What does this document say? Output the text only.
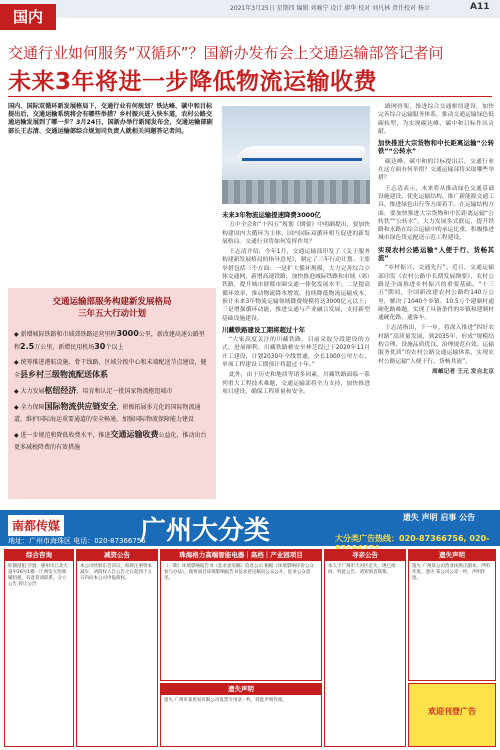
国内	2021年3月25日 星期四 编辑 刘喻宁 设计 廖华 校对 刘凡林 责任校对 杨立	A11
交通行业如何服务“双循环”？国新办发布会上交通运输部答记者问
未来3年将进一步降低物流运输收费
国内、国际双循环新发展格局下，交通行业有何规划？铁达峰、碳中和目标提出后，交通运输系统将会有哪些举措？乡村振兴进入快车道，农村公路交通运输发展到了哪一步？3月24日，国新办举行新闻发布会，交通运输部副部长王志清、交通运输部综合规划司负责人就相关问题答记者问。
交通运输部服务构建新发展格局
三年五大行动计划
◆ 新增城际铁路和市域郊铁路运营里程3000公里，新改建高速公路里程2.5万公里，新增民用机场30个以上
◆ 统筹推进港航设施、骨干线路、区域分拨中心和末端配送节点建设，健全县乡村三级物流配送体系
◆ 大力发展枢纽经济，培育和认定一批国家物流枢纽城市
◆ 全力保障国际物流供应链安全，积极拓展多元化的国际物流通道，维护国际海运重要通道的安全畅通，加强国际物流保障能力建设
◆ 进一步规范和降低收费水平，推进交通运输收费公益化，推动出台更多减税降费的有效措施
未来3年物流运输提速降费3000亿

五中全会和“十四五”规划《纲要》中明确提出，要加快构建国内大循环为主体、国内国际双循环相互促进的新发展格局。交通行业将如何发挥作用？

王志清介绍，今年1月，交通运输部印发了《关于服务构建新发展格局的指导意见》，制定了三年行动计划。主要举措包括三个方面：一是扩大循环规模，大力完善综合立体交通网，新增高速铁路、加快推进城际铁路和市域（郊）铁路，提升城市群都市圈交通一体化发展水平；二是提高循环效率，推动物流降本增效，持续降低物流运输成本，预计未来3年物流运输领域降费规模将达3000亿元以上；三是增强循环动能，推进交通与产业融合发展，支持新型基础设施建设。

川藏铁路建设工期将超过十年

“大家高度关注的川藏铁路，目前采取分段建设的方式，进展顺利。川藏铁路雅安至林芝段已于2020年11月开工建设，计划2030年全线贯通，全长1000公里左右，单项工程建设工期预计将超过十年。”

此外，由于历史和地质等诸多因素，川藏铁路面临一系列重大工程技术难题，交通运输部将全力支持，加快推进项目建设，确保工程质量和安全。

路网骨架，推进综合交通枢纽建设，加快完善综合运输服务体系，推动交通运输绿色低碳转型，为实现碳达峰、碳中和目标作出贡献。

加快推进大宗货物和中长距离运输“公转铁”“公转水”

碳达峰、碳中和的目标提出后，交通行业在这方面有何举措？交通运输部将采取哪些举措？

王志清表示，未来将从推动绿色交通基础设施建设、优化运输结构、推广新能源交通工具、推进绿色出行等方面着手。在运输结构方面，要加快推进大宗货物和中长距离运输“公转铁”“公转水”，大力发展多式联运，提升铁路和水路在综合运输中的承运比重，积极推进城市绿色货运配送示范工程建设。

实现农村公路运输“人便于行、货畅其流”

“乡村振兴，交通先行”。近日，交通运输部印发《农村公路中长期发展纲要》，农村公路是全面推进乡村振兴的重要基础。“十三五”期间，全国新改建农村公路约140万公里，解决了1040个乡镇、10.5万个建制村通硬化路难题，实现了具备条件的乡镇和建制村通硬化路，通客车。

王志清指出，下一步，将深入推进“四好农村路”高质量发展，到2035年，形成“规模结构合理、设施品质优良、治理规范有效、运输服务优质”的农村公路交通运输体系，实现农村公路运输“人便于行、货畅其流”。

周頔记者 王元 发自北京
南都传媒	广州大分类	遗失 声明 启事 公告
地址：广州市海珠区 电话：020-87366756	大分类广告热线：020-87366756, 020-
综合咨询
旺铺招租 空置：惠州市江北大道中26号1楼一厅两室大型商铺招租，有意者请联系。分立公告 转让公告
减资公告
本公司经股东会决议，拟将注册资本减少，请债权人自公告之日起四十五日内向本公司申报债权。
珠海格力高端智能电器｜高档｜产业园项目
（一期）环境影响报告书（征求意见稿）信息公示 根据《环境影响评价公众参与办法》，现将项目环境影响报告书征求意见稿向公众公开，征求公众意见。
遗失声明
遗失 广州市某贸易有限公司发票专用章一枚，特此声明作废。
寻亲公告
本人于广州市天河区走失，现已找回，特此公告。请知情者联系。
遗失声明
遗失 广州某公司营业执照正副本，声明作废。遗失 某公司公章一枚，声明作废。
欢迎刊登广告
